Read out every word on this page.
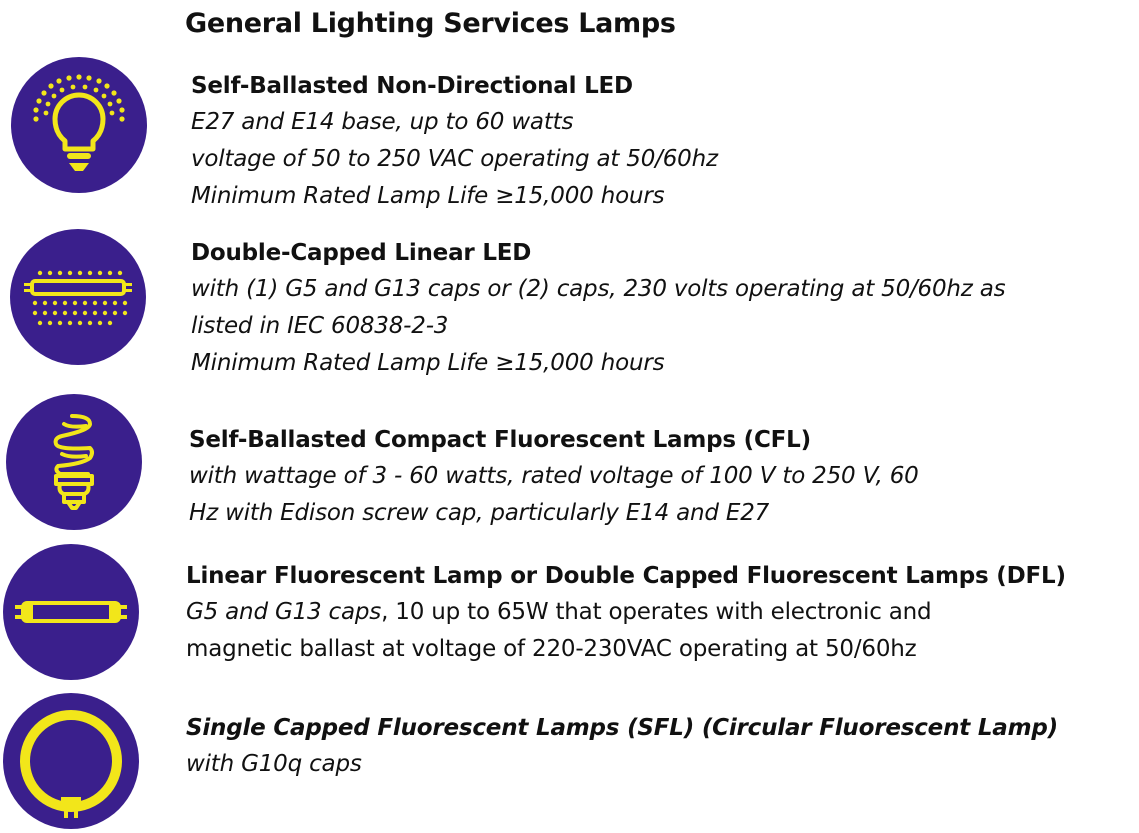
General Lighting Services Lamps
Self-Ballasted Non-Directional LED
E27 and E14 base, up to 60 watts
voltage of 50 to 250 VAC operating at 50/60hz
Minimum Rated Lamp Life ≥15,000 hours
Double-Capped Linear LED
with (1) G5 and G13 caps or (2) caps, 230 volts operating at 50/60hz as
listed in IEC 60838-2-3
Minimum Rated Lamp Life ≥15,000 hours
Self-Ballasted Compact Fluorescent Lamps (CFL)
with wattage of 3 - 60 watts, rated voltage of 100 V to 250 V, 60
Hz with Edison screw cap, particularly E14 and E27
Linear Fluorescent Lamp or Double Capped Fluorescent Lamps (DFL)
G5 and G13 caps, 10 up to 65W that operates with electronic and
magnetic ballast at voltage of 220-230VAC operating at 50/60hz
Single Capped Fluorescent Lamps (SFL) (Circular Fluorescent Lamp)
with G10q caps
